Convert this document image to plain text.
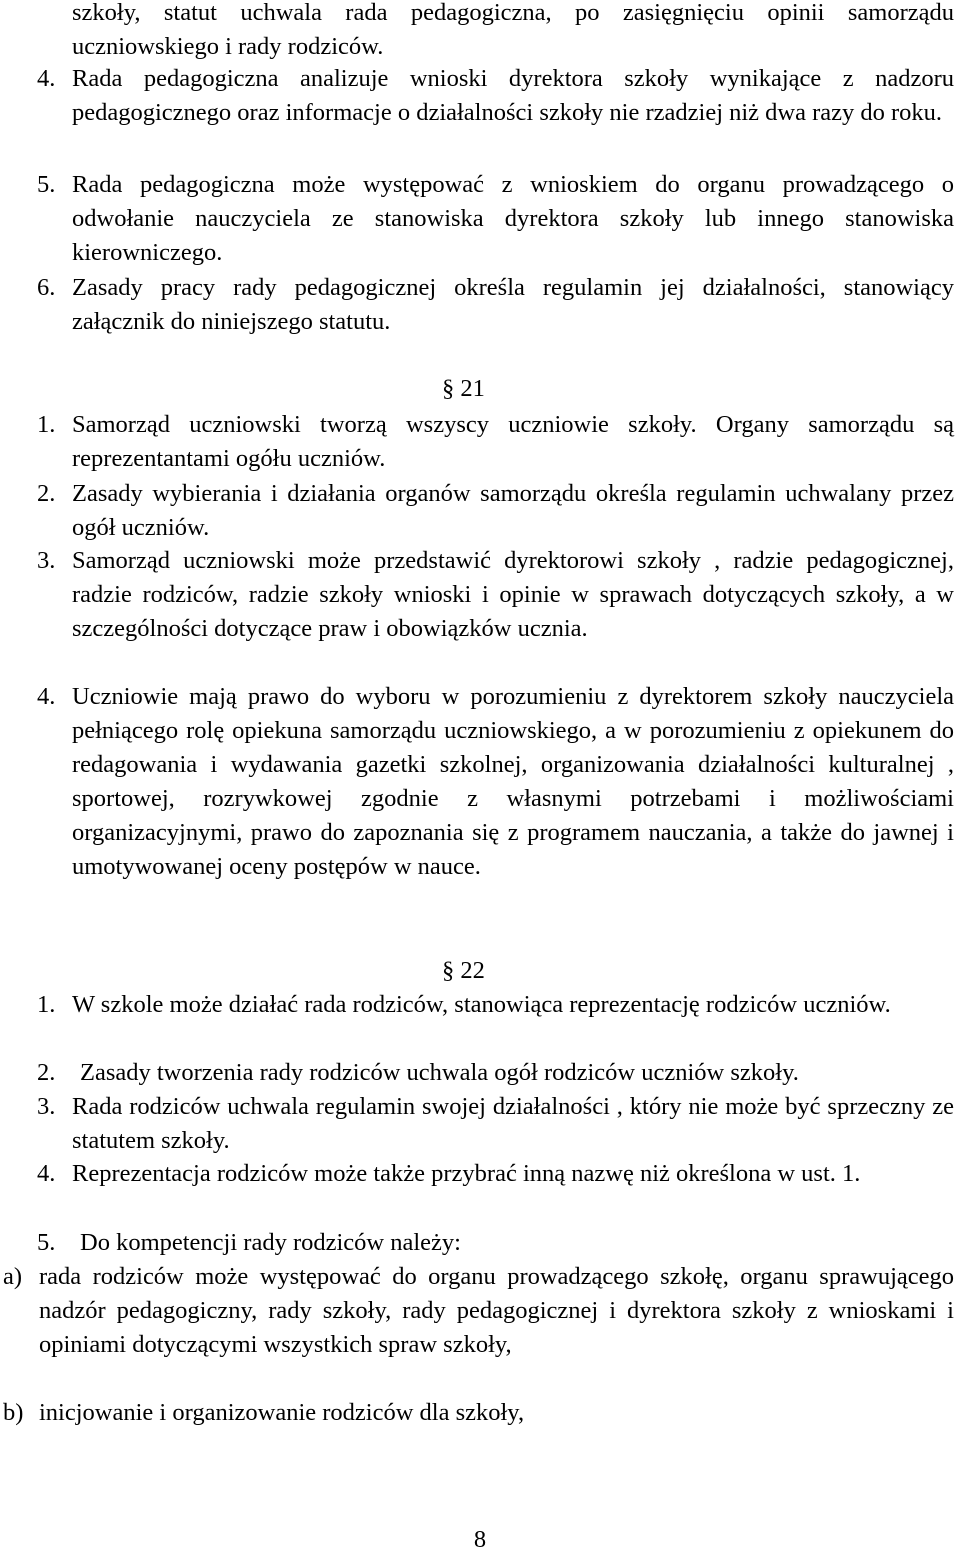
szkoły, statut uchwala rada pedagogiczna, po zasięgnięciu opinii samorządu uczniowskiego i rady rodziców.
4. Rada pedagogiczna analizuje wnioski dyrektora szkoły wynikające z nadzoru pedagogicznego oraz informacje o działalności szkoły nie rzadziej niż dwa razy do roku.
5. Rada pedagogiczna może występować z wnioskiem do organu prowadzącego o odwołanie nauczyciela ze stanowiska dyrektora szkoły lub innego stanowiska kierowniczego.
6. Zasady pracy rady pedagogicznej określa regulamin jej działalności, stanowiący załącznik do niniejszego statutu.
§ 21
1. Samorząd uczniowski tworzą wszyscy uczniowie szkoły. Organy samorządu są reprezentantami ogółu uczniów.
2. Zasady wybierania i działania organów samorządu określa regulamin uchwalany przez ogół uczniów.
3. Samorząd uczniowski może przedstawić dyrektorowi szkoły , radzie pedagogicznej, radzie rodziców, radzie szkoły wnioski i opinie w sprawach dotyczących szkoły, a w szczególności dotyczące praw i obowiązków ucznia.
4. Uczniowie mają prawo do wyboru w porozumieniu z dyrektorem szkoły nauczyciela pełniącego rolę opiekuna samorządu uczniowskiego, a w porozumieniu z opiekunem do redagowania i wydawania gazetki szkolnej, organizowania działalności kulturalnej , sportowej, rozrywkowej zgodnie z własnymi potrzebami i możliwościami organizacyjnymi, prawo do zapoznania się z programem nauczania, a także do jawnej i umotywowanej oceny postępów w nauce.
§ 22
1. W szkole może działać rada rodziców, stanowiąca reprezentację rodziców uczniów.
2. Zasady tworzenia rady rodziców uchwala ogół rodziców uczniów szkoły.
3. Rada rodziców uchwala regulamin swojej działalności , który nie może być sprzeczny ze statutem szkoły.
4. Reprezentacja rodziców może także przybrać inną nazwę niż określona w ust. 1.
5. Do kompetencji rady rodziców należy:
a) rada rodziców może występować do organu prowadzącego szkołę, organu sprawującego nadzór pedagogiczny, rady szkoły, rady pedagogicznej i dyrektora szkoły z wnioskami i opiniami dotyczącymi wszystkich spraw szkoły,
b) inicjowanie i organizowanie rodziców dla szkoły,
8
